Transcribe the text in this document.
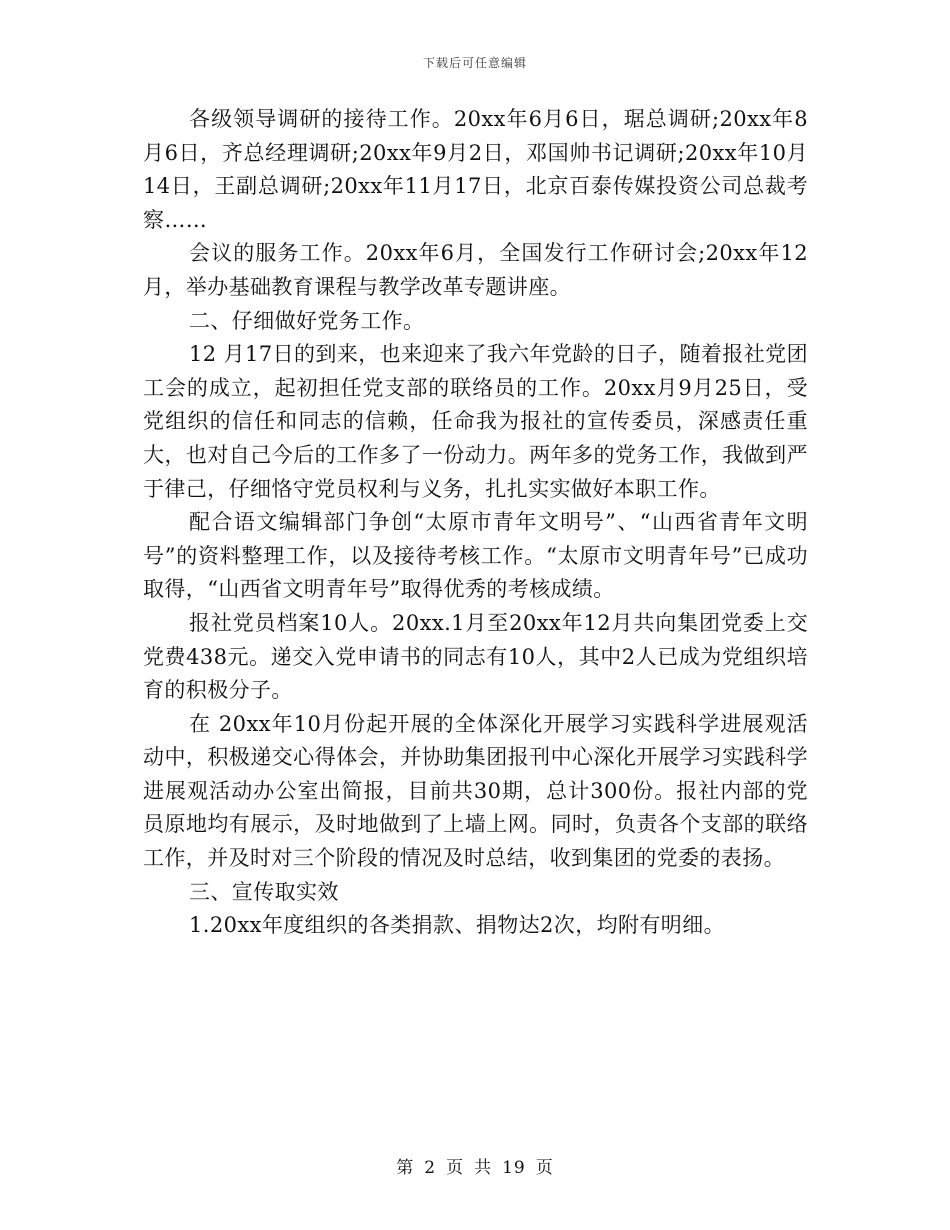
下载后可任意编辑

各级领导调研的接待工作。20xx年6月6日，琚总调研;20xx年8月6日，齐总经理调研;20xx年9月2日，邓国帅书记调研;20xx年10月14日，王副总调研;20xx年11月17日，北京百泰传媒投资公司总裁考察……

会议的服务工作。20xx年6月，全国发行工作研讨会;20xx年12月，举办基础教育课程与教学改革专题讲座。

二、仔细做好党务工作。

12 月17日的到来，也来迎来了我六年党龄的日子，随着报社党团工会的成立，起初担任党支部的联络员的工作。20xx月9月25日，受党组织的信任和同志的信赖，任命我为报社的宣传委员，深感责任重大，也对自己今后的工作多了一份动力。两年多的党务工作，我做到严于律己，仔细恪守党员权利与义务，扎扎实实做好本职工作。

配合语文编辑部门争创“太原市青年文明号”、“山西省青年文明号”的资料整理工作，以及接待考核工作。“太原市文明青年号”已成功取得，“山西省文明青年号”取得优秀的考核成绩。

报社党员档案10人。20xx.1月至20xx年12月共向集团党委上交党费438元。递交入党申请书的同志有10人，其中2人已成为党组织培育的积极分子。

在 20xx年10月份起开展的全体深化开展学习实践科学进展观活动中，积极递交心得体会，并协助集团报刊中心深化开展学习实践科学进展观活动办公室出简报，目前共30期，总计300份。报社内部的党员原地均有展示，及时地做到了上墙上网。同时，负责各个支部的联络工作，并及时对三个阶段的情况及时总结，收到集团的党委的表扬。

三、宣传取实效

1.20xx年度组织的各类捐款、捐物达2次，均附有明细。

第 2 页 共 19 页
